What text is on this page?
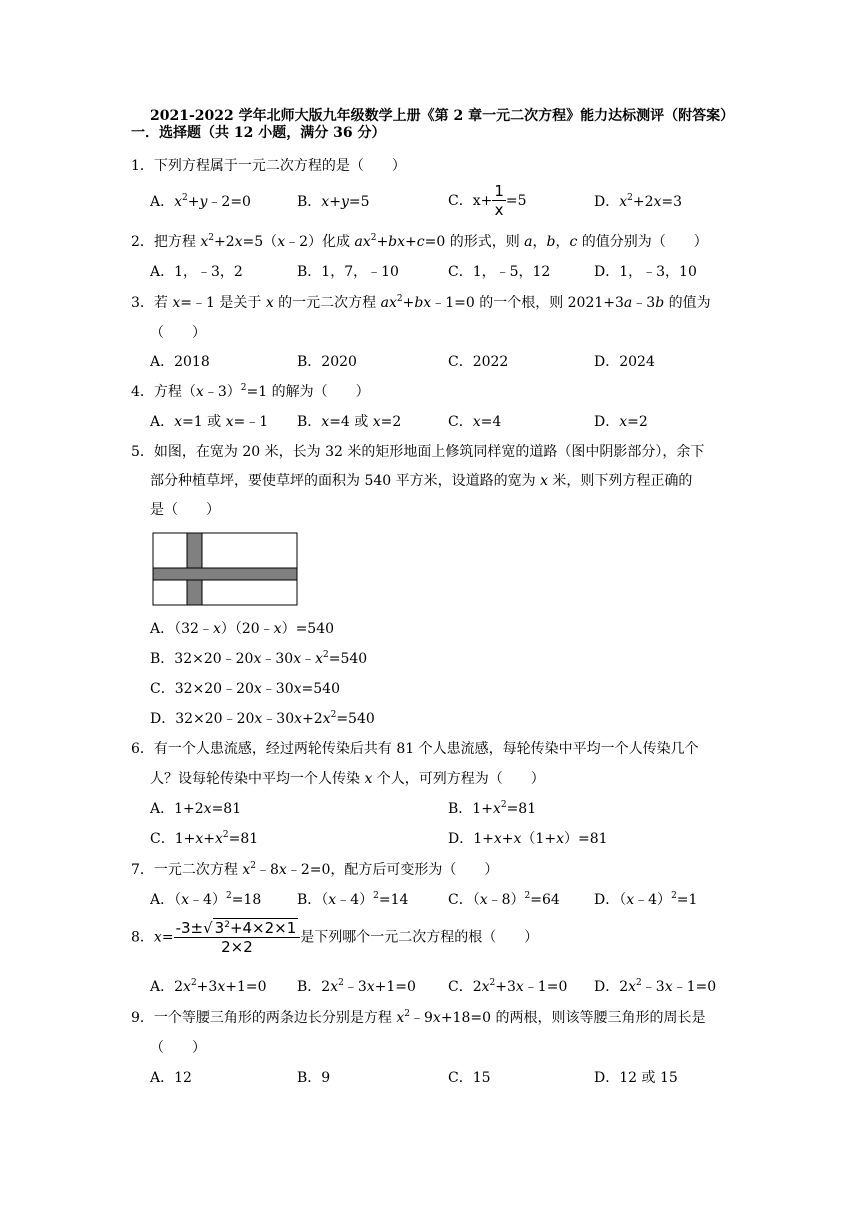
2021-2022 学年北师大版九年级数学上册《第 2 章一元二次方程》能力达标测评（附答案）
一．选择题（共 12 小题，满分 36 分）
1．下列方程属于一元二次方程的是（　　）
A．$x^2+y﹣2=0$	B．x+y=5	C．$x+ \frac{1}{x} =5$	D．$x^2+2x=3$
2．把方程 $x^2+2x=5(x﹣2)$化成 $ax^2+bx+c=0$ 的形式，则 a，b，c 的值分别为（　　）
A．1，﹣3，2	B．1，7，﹣10	C．1，﹣5，12	D．1，﹣3，10
3．若 x=﹣1 是关于 x 的一元二次方程 $ax^2+bx﹣1=0$ 的一个根，则 2021+3a﹣3b 的值为
（　　）
A．2018	B．2020	C．2022	D．2024
4．方程（x﹣3）$^2$=1 的解为（　　）
A．x=1 或 x=﹣1 B．x=4 或 x=2	C．x=4	D．x=2
5．如图，在宽为 20 米，长为 32 米的矩形地面上修筑同样宽的道路（图中阴影部分），余下
部分种植草坪，要使草坪的面积为 540 平方米，设道路的宽为 x 米，则下列方程正确的
是（　　）
A．（32﹣x）（20﹣x）=540
B．$32\times 20﹣20x﹣30x﹣x^2=540$
C．32×20﹣20x﹣30x=540
D．$32\times 20﹣20x﹣30x+2x^2=540$
6．有一个人患流感，经过两轮传染后共有 81 个人患流感，每轮传染中平均一个人传染几个
人？设每轮传染中平均一个人传染 x 个人，可列方程为（　　）
A．1+2x=81	B．$1+x^2=81$
C．$1+x+x^2=81$	D．1+x+x（1+x）=81
7．一元二次方程 $x^2﹣8x﹣2=0$，配方后可变形为（　　）
A．（x﹣4）$^2$=18	B．（x﹣4）$^2$=14	C．（x﹣8）$^2$=64 D．（x﹣4）$^2$=1
8．$x= \frac{-3\pm√ 3^2+4\times 2\times 1}{2\times 2}$ 是下列哪个一元二次方程的根（　　）
A．$2x^2+3x+1=0$ B．$2x^2﹣3x+1=0$ C．$2x^2+3x﹣1=0$ D．$2x^2﹣3x﹣1=0$
9．一个等腰三角形的两条边长分别是方程 $x^2﹣9x+18=0$ 的两根，则该等腰三角形的周长是
（　　）
A．12	B．9	C．15	D．12 或 15
